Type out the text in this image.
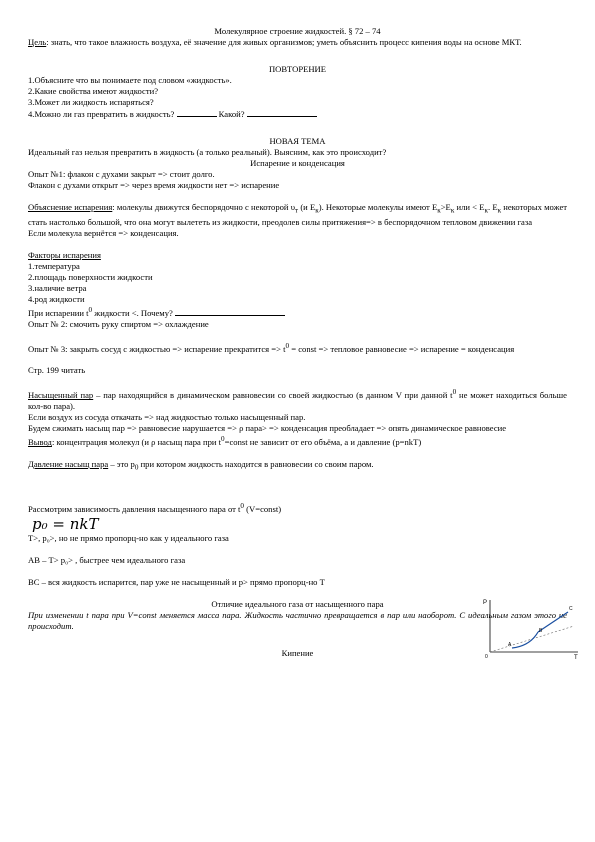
Молекулярное строение жидкостей. § 72 – 74

Цель: знать, что такое влажность воздуха, её значение для живых организмов; уметь объяснить процесс кипения воды на основе МКТ.

ПОВТОРЕНИЕ

1.Объясните что вы понимаете под словом «жидкость».

2.Какие свойства имеют жидкости?

3.Может ли жидкость испаряться?

4.Можно ли газ превратить в жидкость?	Какой?

НОВАЯ ТЕМА

Идеальный газ нельзя превратить в жидкость (а только реальный). Выясним, как это происходит?

Испарение и конденсация

Опыт №1: флакон с духами закрыт => стоит долго.

Флакон с духами открыт => через время жидкости нет => испарение

Объяснение испарения: молекулы движутся беспорядочно с некоторой $\upsilon_т$ (и $E_к$). Некоторые молекулы имеют $E_к>E_к$ или < $E_к$. $E_к$ некоторых может стать настолько большой, что она могут вылететь из жидкости, преодолев силы притяжения=> в беспорядочном тепловом движении газа

Если молекула вернётся => конденсация.

Факторы испарения

1.температура

2.площадь поверхности жидкости

3.наличие ветра

4.род жидкости

При испарении $t^0$ жидкости <. Почему?

Опыт № 2: смочить руку спиртом => охлаждение

Опыт № 3: закрыть сосуд с жидкостью => испарение прекратится => $t^0$ = const => тепловое равновесие => испарение = конденсация

Стр. 199 читать

Насыщенный пар – пар находящийся в динамическом равновесии со своей жидкостью (в данном V при данной $t^0$ не может находиться больше кол-во пара).

Если воздух из сосуда откачать => над жидкостью только насыщенный пар.

Будем сжимать насыщ пар => равновесие нарушается => ρ пара> => конденсация преобладает => опять динамическое равновесие

Вывод: концентрация молекул (и ρ насыщ пара при $t^0=const$ не зависит от его объёма, а и давление (p=nkT)

Давление насыщ пара – это $p_0$ при котором жидкость находится в равновесии со своим паром.

Рассмотрим зависимость давления насыщенного пара от $t^0$ (V=const)

p₀ = nkT

T>, p₀>, но не прямо пропорц-но как у идеального газа

АВ – T> p₀> , быстрее чем идеального газа

ВС – вся жидкость испарится, пар уже не насыщенный и р> прямо пропорц-но T

Отличие идеального газа от насыщенного пара

При изменении t пара при V=const меняется масса пара. Жидкость частично превращается в пар или наоборот. С идеальным газом этого не происходит.

Кипение

P
T
0
A
B
C
